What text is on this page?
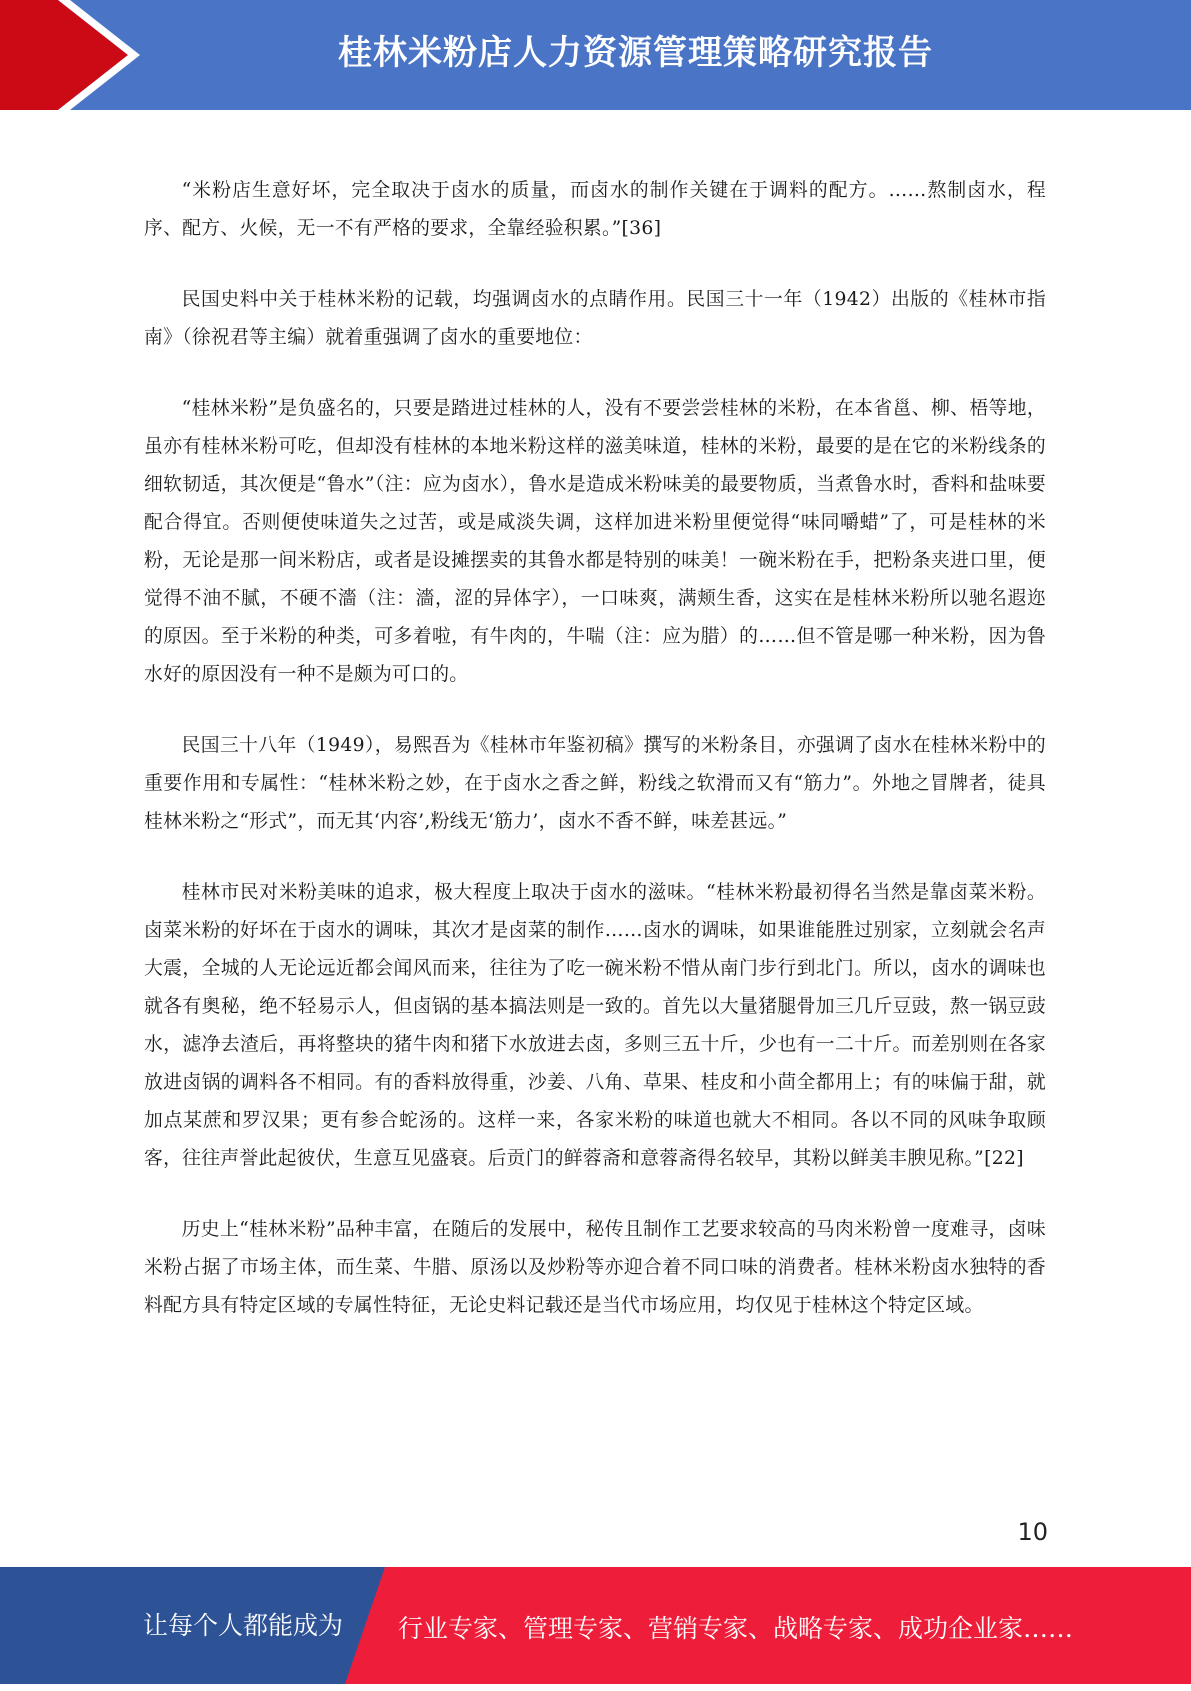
桂林米粉店人力资源管理策略研究报告

“米粉店生意好坏，完全取决于卤水的质量，而卤水的制作关键在于调料的配方。……熬制卤水，程序、配方、火候，无一不有严格的要求，全靠经验积累。”[36]

民国史料中关于桂林米粉的记载，均强调卤水的点睛作用。民国三十一年（1942）出版的《桂林市指南》（徐祝君等主编）就着重强调了卤水的重要地位：

“桂林米粉”是负盛名的，只要是踏进过桂林的人，没有不要尝尝桂林的米粉，在本省邕、柳、梧等地，虽亦有桂林米粉可吃，但却没有桂林的本地米粉这样的滋美味道，桂林的米粉，最要的是在它的米粉线条的细软韧适，其次便是“鲁水”（注：应为卤水），鲁水是造成米粉味美的最要物质，当煮鲁水时，香料和盐味要配合得宜。否则便使味道失之过苦，或是咸淡失调，这样加进米粉里便觉得“味同嚼蜡”了，可是桂林的米粉，无论是那一间米粉店，或者是设摊摆卖的其鲁水都是特别的味美！一碗米粉在手，把粉条夹进口里，便觉得不油不腻，不硬不濇（注：濇，涩的异体字），一口味爽，满颊生香，这实在是桂林米粉所以驰名遐迩的原因。至于米粉的种类，可多着啦，有牛肉的，牛喘（注：应为腊）的……但不管是哪一种米粉，因为鲁水好的原因没有一种不是颇为可口的。

民国三十八年（1949），易熙吾为《桂林市年鉴初稿》撰写的米粉条目，亦强调了卤水在桂林米粉中的重要作用和专属性：“桂林米粉之妙，在于卤水之香之鲜，粉线之软滑而又有“筋力”。外地之冒牌者，徒具桂林米粉之“形式”，而无其‘内容’,粉线无‘筋力’，卤水不香不鲜，味差甚远。”

桂林市民对米粉美味的追求，极大程度上取决于卤水的滋味。“桂林米粉最初得名当然是靠卤菜米粉。卤菜米粉的好坏在于卤水的调味，其次才是卤菜的制作……卤水的调味，如果谁能胜过别家，立刻就会名声大震，全城的人无论远近都会闻风而来，往往为了吃一碗米粉不惜从南门步行到北门。所以，卤水的调味也就各有奥秘，绝不轻易示人，但卤锅的基本搞法则是一致的。首先以大量猪腿骨加三几斤豆豉，熬一锅豆豉水，滤净去渣后，再将整块的猪牛肉和猪下水放进去卤，多则三五十斤，少也有一二十斤。而差别则在各家放进卤锅的调料各不相同。有的香料放得重，沙姜、八角、草果、桂皮和小茴全都用上；有的味偏于甜，就加点某蔗和罗汉果；更有参合蛇汤的。这样一来，各家米粉的味道也就大不相同。各以不同的风味争取顾客，往往声誉此起彼伏，生意互见盛衰。后贡门的鲜蓉斋和意蓉斋得名较早，其粉以鲜美丰腴见称。”[22]

历史上“桂林米粉”品种丰富，在随后的发展中，秘传且制作工艺要求较高的马肉米粉曾一度难寻，卤味米粉占据了市场主体，而生菜、牛腊、原汤以及炒粉等亦迎合着不同口味的消费者。桂林米粉卤水独特的香料配方具有特定区域的专属性特征，无论史料记载还是当代市场应用，均仅见于桂林这个特定区域。

10
让每个人都能成为 行业专家、管理专家、营销专家、战略专家、成功企业家……
